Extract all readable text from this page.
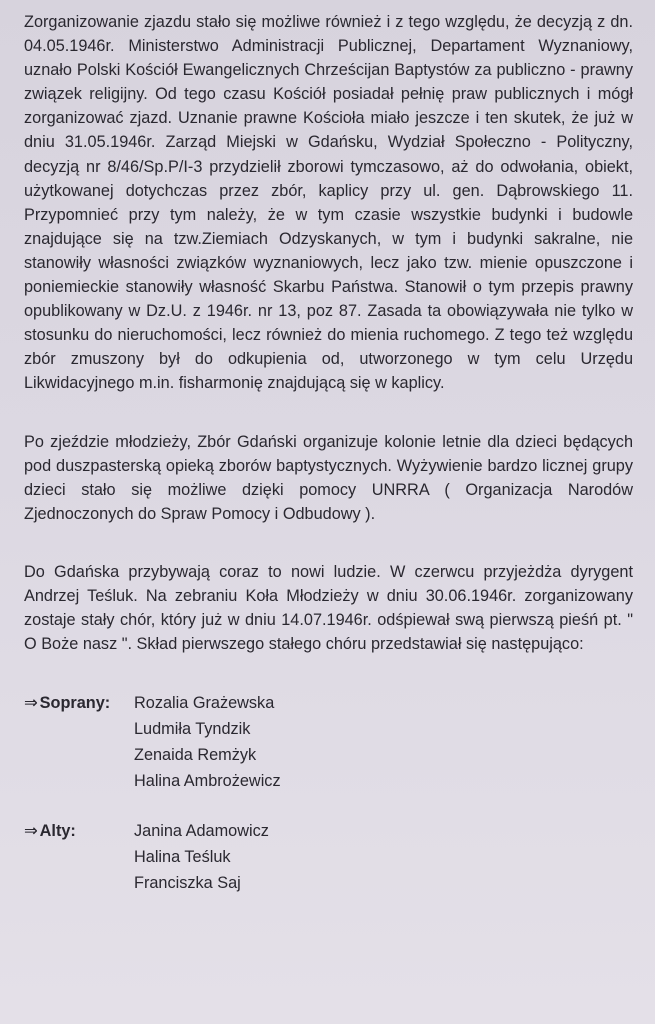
Zorganizowanie zjazdu stało się możliwe również i z tego względu, że decyzją z dn. 04.05.1946r. Ministerstwo Administracji Publicznej, Departament Wyznaniowy, uznało Polski Kościół Ewangelicznych Chrześcijan Baptystów za publiczno - prawny związek religijny. Od tego czasu Kościół posiadał pełnię praw publicznych i mógł zorganizować zjazd. Uznanie prawne Kościoła miało jeszcze i ten skutek, że już w dniu 31.05.1946r. Zarząd Miejski w Gdańsku, Wydział Społeczno - Polityczny, decyzją nr 8/46/Sp.P/I-3 przydzielił zborowi tymczasowo, aż do odwołania, obiekt, użytkowanej dotychczas przez zbór, kaplicy przy ul. gen. Dąbrowskiego 11. Przypomnieć przy tym należy, że w tym czasie wszystkie budynki i budowle znajdujące się na tzw.Ziemiach Odzyskanych, w tym i budynki sakralne, nie stanowiły własności związków wyznaniowych, lecz jako tzw. mienie opuszczone i poniemieckie stanowiły własność Skarbu Państwa. Stanowił o tym przepis prawny opublikowany w Dz.U. z 1946r. nr 13, poz 87. Zasada ta obowiązywała nie tylko w stosunku do nieruchomości, lecz również do mienia ruchomego. Z tego też względu zbór zmuszony był do odkupienia od, utworzonego w tym celu Urzędu Likwidacyjnego m.in. fisharmonię znajdującą się w kaplicy.

Po zjeździe młodzieży, Zbór Gdański organizuje kolonie letnie dla dzieci będących pod duszpasterską opieką zborów baptystycznych. Wyżywienie bardzo licznej grupy dzieci stało się możliwe dzięki pomocy UNRRA ( Organizacja Narodów Zjednoczonych do Spraw Pomocy i Odbudowy ).

Do Gdańska przybywają coraz to nowi ludzie. W czerwcu przyjeżdża dyrygent Andrzej Teśluk. Na zebraniu Koła Młodzieży w dniu 30.06.1946r. zorganizowany zostaje stały chór, który już w dniu 14.07.1946r. odśpiewał swą pierwszą pieśń pt. " O Boże nasz ". Skład pierwszego stałego chóru przedstawiał się następująco:

⇒ Soprany:	Rozalia Grażewska
Ludmiła Tyndzik
Zenaida Remżyk
Halina Ambrożewicz
⇒ Alty:	Janina Adamowicz
Halina Teśluk
Franciszka Saj
